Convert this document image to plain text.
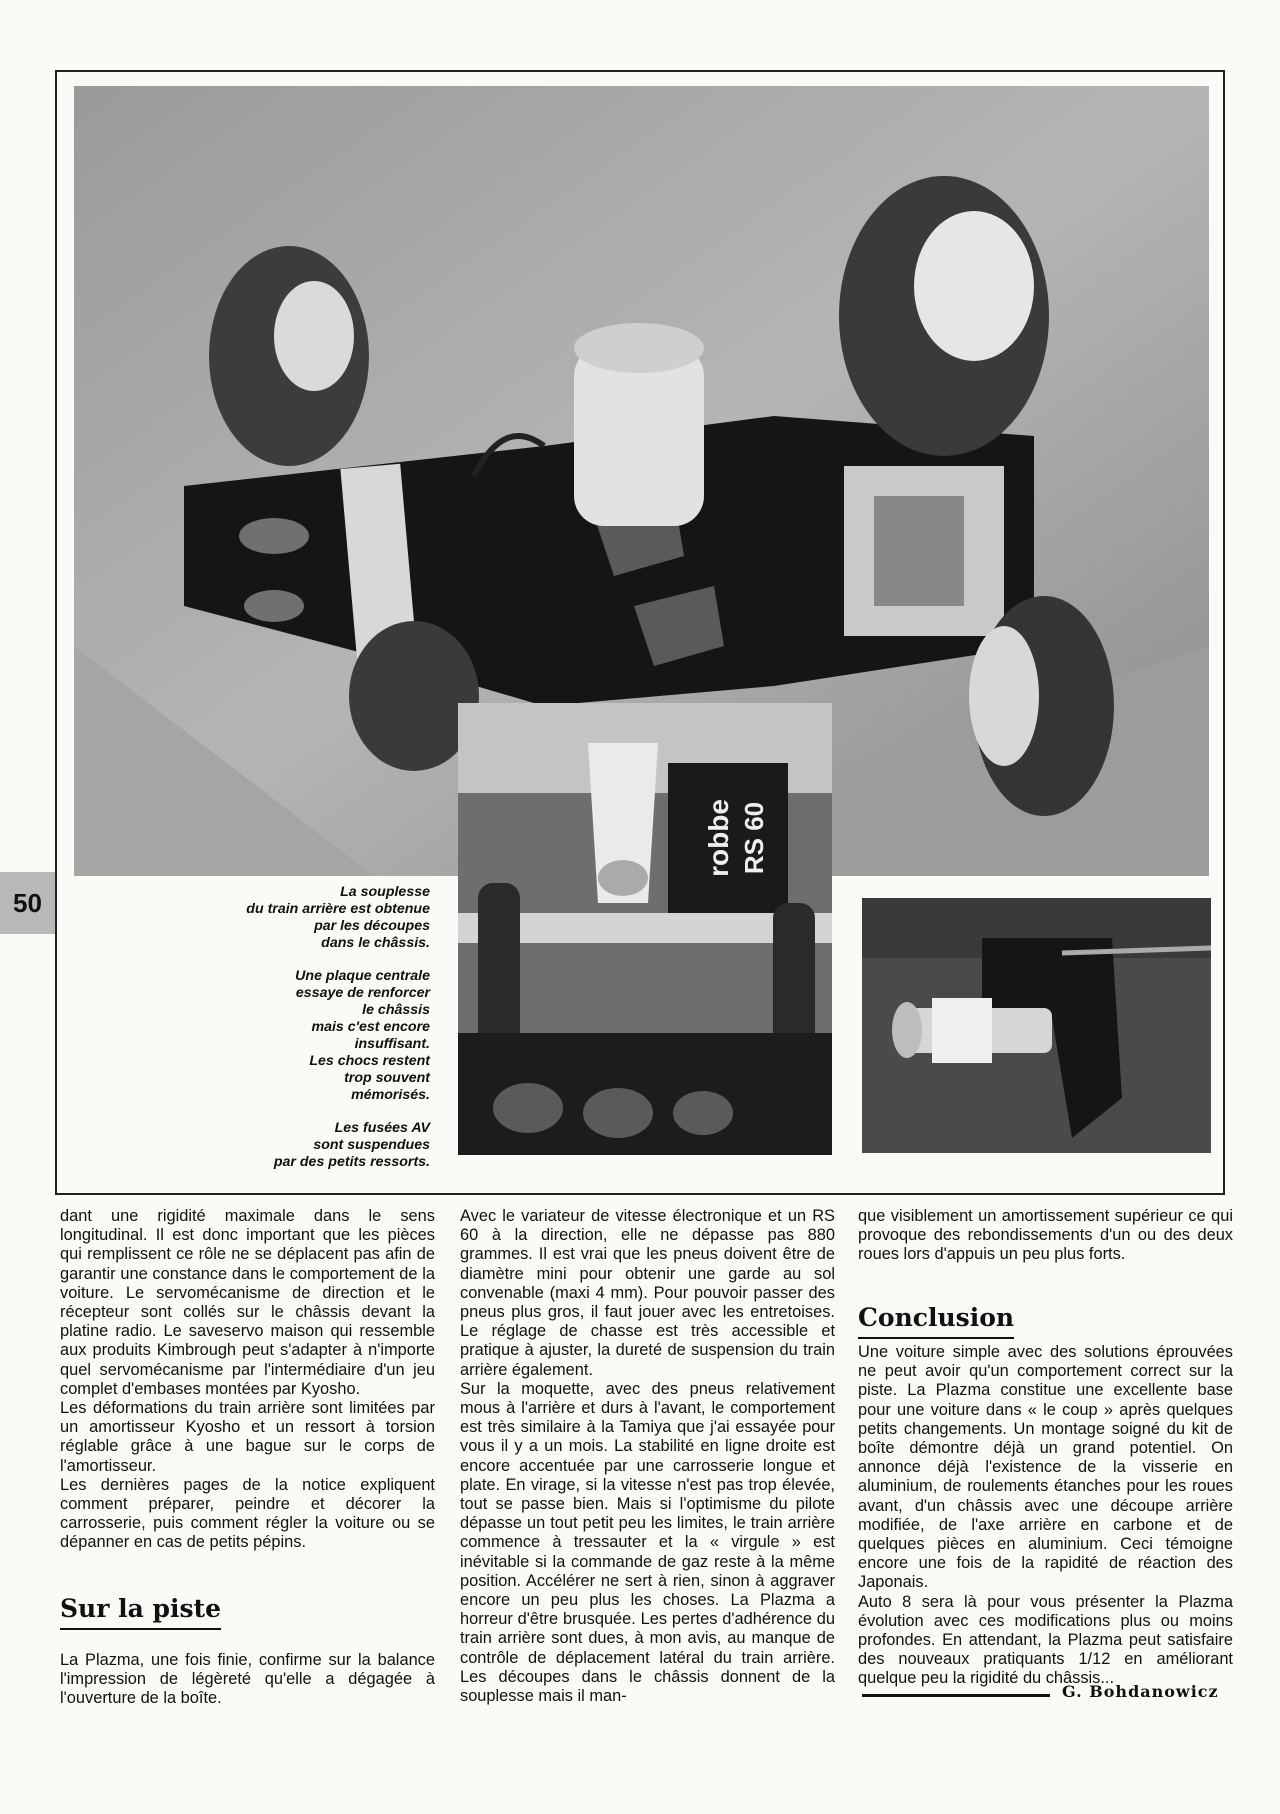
robbe RS 60
50	La souplesse
du train arrière est obtenue
par les découpes
dans le châssis.

Une plaque centrale
essaye de renforcer
le châssis
mais c'est encore
insuffisant.
Les chocs restent
trop souvent
mémorisés.

Les fusées AV
sont suspendues
par des petits ressorts.

dant une rigidité maximale dans le sens longitudinal. Il est donc important que les pièces qui remplissent ce rôle ne se déplacent pas afin de garantir une constance dans le comportement de la voiture. Le servomécanisme de direction et le récepteur sont collés sur le châssis devant la platine radio. Le saveservo maison qui ressemble aux produits Kimbrough peut s'adapter à n'importe quel servomécanisme par l'intermédiaire d'un jeu complet d'embases montées par Kyosho.

Les déformations du train arrière sont limitées par un amortisseur Kyosho et un ressort à torsion réglable grâce à une bague sur le corps de l'amortisseur.

Les dernières pages de la notice expliquent comment préparer, peindre et décorer la carrosserie, puis comment régler la voiture ou se dépanner en cas de petits pépins.

Sur la piste

La Plazma, une fois finie, confirme sur la balance l'impression de légèreté qu'elle a dégagée à l'ouverture de la boîte.

Avec le variateur de vitesse électronique et un RS 60 à la direction, elle ne dépasse pas 880 grammes. Il est vrai que les pneus doivent être de diamètre mini pour obtenir une garde au sol convenable (maxi 4 mm). Pour pouvoir passer des pneus plus gros, il faut jouer avec les entretoises. Le réglage de chasse est très accessible et pratique à ajuster, la dureté de suspension du train arrière également.

Sur la moquette, avec des pneus relativement mous à l'arrière et durs à l'avant, le comportement est très similaire à la Tamiya que j'ai essayée pour vous il y a un mois. La stabilité en ligne droite est encore accentuée par une carrosserie longue et plate. En virage, si la vitesse n'est pas trop élevée, tout se passe bien. Mais si l'optimisme du pilote dépasse un tout petit peu les limites, le train arrière commence à tressauter et la « virgule » est inévitable si la commande de gaz reste à la même position. Accélérer ne sert à rien, sinon à aggraver encore un peu plus les choses. La Plazma a horreur d'être brusquée. Les pertes d'adhérence du train arrière sont dues, à mon avis, au manque de contrôle de déplacement latéral du train arrière. Les découpes dans le châssis donnent de la souplesse mais il man-

que visiblement un amortissement supérieur ce qui provoque des rebondissements d'un ou des deux roues lors d'appuis un peu plus forts.

Conclusion

Une voiture simple avec des solutions éprouvées ne peut avoir qu'un comportement correct sur la piste. La Plazma constitue une excellente base pour une voiture dans « le coup » après quelques petits changements. Un montage soigné du kit de boîte démontre déjà un grand potentiel. On annonce déjà l'existence de la visserie en aluminium, de roulements étanches pour les roues avant, d'un châssis avec une découpe arrière modifiée, de l'axe arrière en carbone et de quelques pièces en aluminium. Ceci témoigne encore une fois de la rapidité de réaction des Japonais.

Auto 8 sera là pour vous présenter la Plazma évolution avec ces modifications plus ou moins profondes. En attendant, la Plazma peut satisfaire des nouveaux pratiquants 1/12 en améliorant quelque peu la rigidité du châssis...

G. Bohdanowicz
